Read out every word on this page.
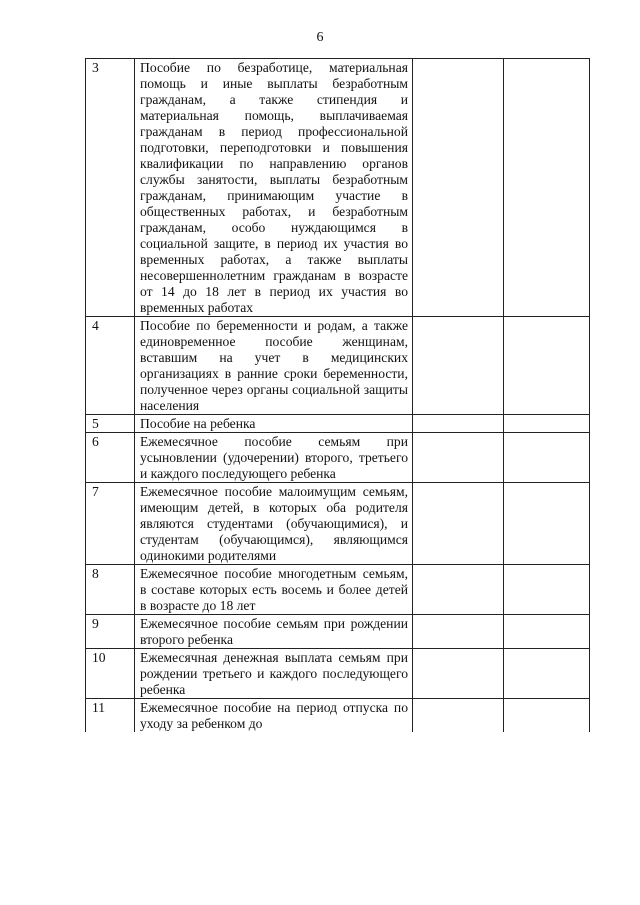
6
3	Пособие по безработице, материальная помощь и иные выплаты безработным гражданам, а также стипендия и материальная помощь, выплачиваемая гражданам в период профессиональной подготовки, переподготовки и повышения квалификации по направлению органов службы занятости, выплаты безработным гражданам, принимающим участие в общественных работах, и безработным гражданам, особо нуждающимся в социальной защите, в период их участия во временных работах, а также выплаты несовершеннолетним гражданам в возрасте от 14 до 18 лет в период их участия во временных работах		
4	Пособие по беременности и родам, а также единовременное пособие женщинам, вставшим на учет в медицинских организациях в ранние сроки беременности, полученное через органы социальной защиты населения		
5	Пособие на ребенка		
6	Ежемесячное пособие семьям при усыновлении (удочерении) второго, третьего и каждого последующего ребенка		
7	Ежемесячное пособие малоимущим семьям, имеющим детей, в которых оба родителя являются студентами (обучающимися), и студентам (обучающимся), являющимся одинокими родителями		
8	Ежемесячное пособие многодетным семьям, в составе которых есть восемь и более детей в возрасте до 18 лет		
9	Ежемесячное пособие семьям при рождении второго ребенка		
10	Ежемесячная денежная выплата семьям при рождении третьего и каждого последующего ребенка		
11	Ежемесячное пособие на период отпуска по уходу за ребенком до		
